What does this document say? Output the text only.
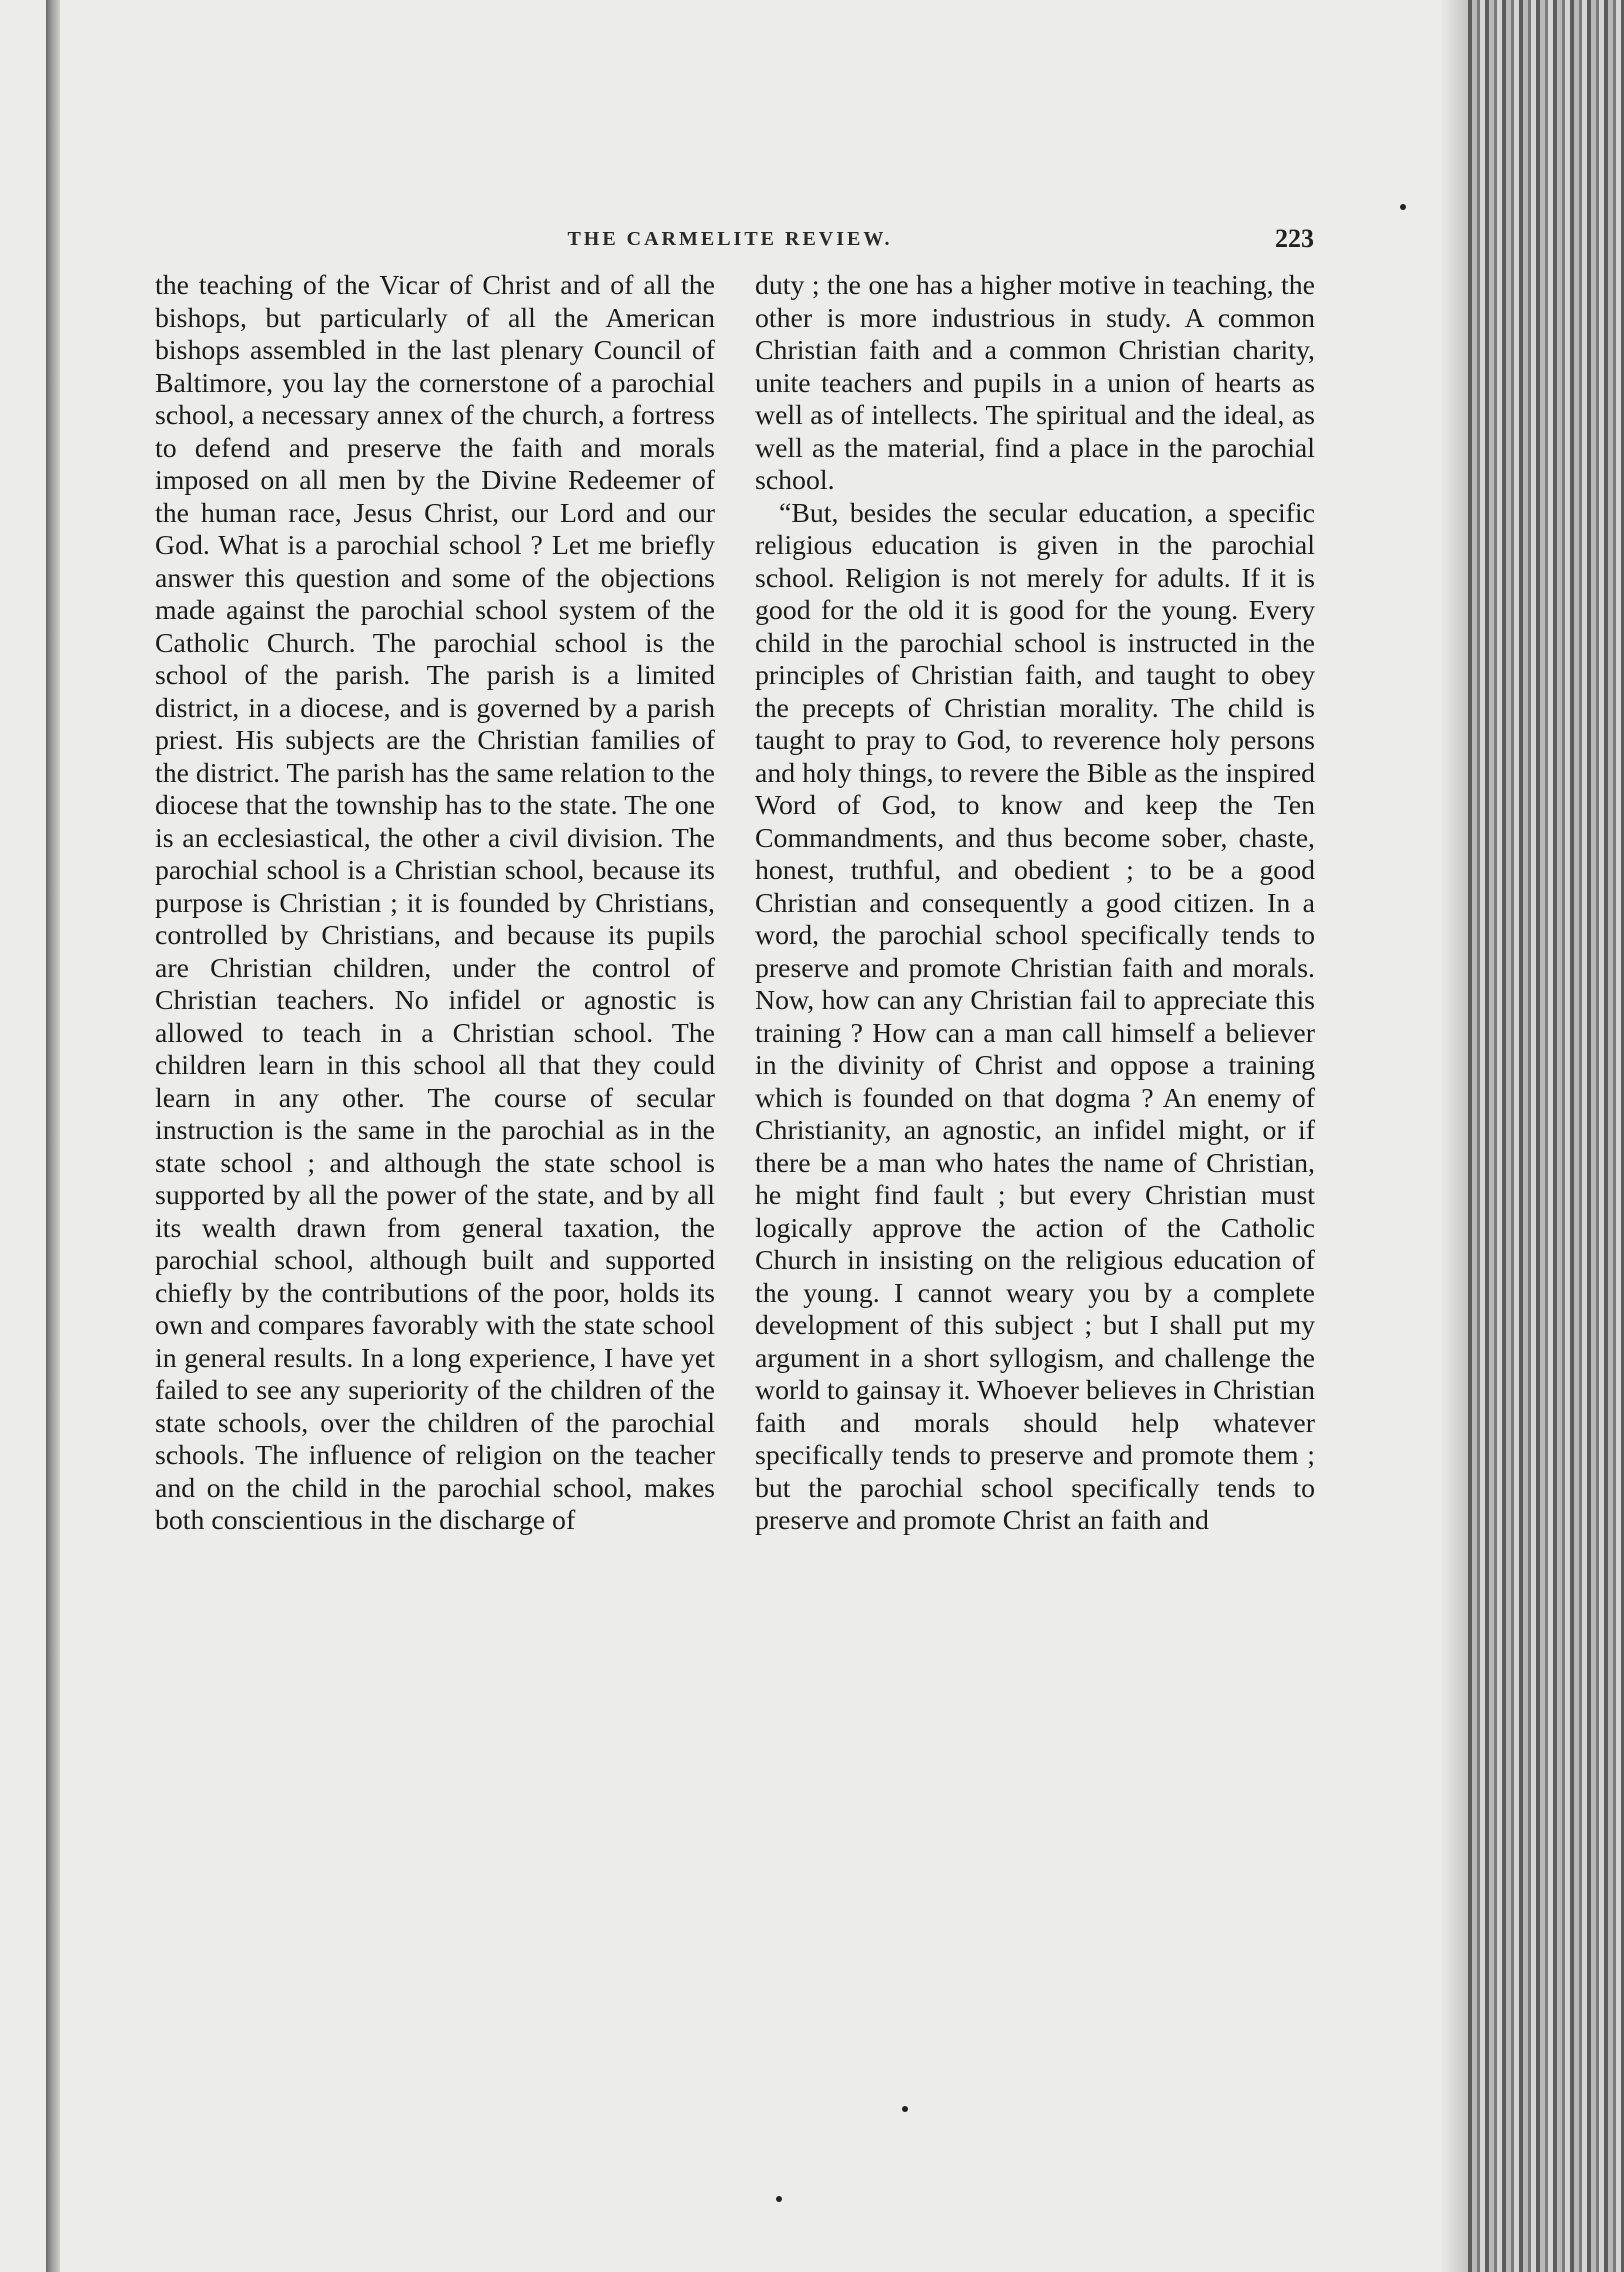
THE CARMELITE REVIEW.	223

the teaching of the Vicar of Christ and of all the bishops, but particularly of all the American bishops assembled in the last plenary Council of Baltimore, you lay the cornerstone of a parochial school, a necessary annex of the church, a fortress to defend and preserve the faith and morals imposed on all men by the Divine Redeemer of the human race, Jesus Christ, our Lord and our God. What is a parochial school ? Let me briefly answer this question and some of the objections made against the parochial school system of the Catholic Church. The parochial school is the school of the parish. The parish is a limited district, in a diocese, and is governed by a parish priest. His subjects are the Christian families of the district. The parish has the same relation to the diocese that the township has to the state. The one is an ecclesiastical, the other a civil division. The parochial school is a Christian school, because its purpose is Christian ; it is founded by Christians, controlled by Christians, and because its pupils are Christian children, under the control of Christian teachers. No infidel or agnostic is allowed to teach in a Christian school. The children learn in this school all that they could learn in any other. The course of secular instruction is the same in the parochial as in the state school ; and although the state school is supported by all the power of the state, and by all its wealth drawn from general taxation, the parochial school, although built and supported chiefly by the contributions of the poor, holds its own and compares favorably with the state school in general results. In a long experience, I have yet failed to see any superiority of the children of the state schools, over the children of the parochial schools. The influence of religion on the teacher and on the child in the parochial school, makes both conscientious in the discharge of

duty ; the one has a higher motive in teaching, the other is more industrious in study. A common Christian faith and a common Christian charity, unite teachers and pupils in a union of hearts as well as of intellects. The spiritual and the ideal, as well as the material, find a place in the parochial school.

“But, besides the secular education, a specific religious education is given in the parochial school. Religion is not merely for adults. If it is good for the old it is good for the young. Every child in the parochial school is instructed in the principles of Christian faith, and taught to obey the precepts of Christian morality. The child is taught to pray to God, to reverence holy persons and holy things, to revere the Bible as the inspired Word of God, to know and keep the Ten Commandments, and thus become sober, chaste, honest, truthful, and obedient ; to be a good Christian and consequently a good citizen. In a word, the parochial school specifically tends to preserve and promote Christian faith and morals. Now, how can any Christian fail to appreciate this training ? How can a man call himself a believer in the divinity of Christ and oppose a training which is founded on that dogma ? An enemy of Christianity, an agnostic, an infidel might, or if there be a man who hates the name of Christian, he might find fault ; but every Christian must logically approve the action of the Catholic Church in insisting on the religious education of the young. I cannot weary you by a complete development of this subject ; but I shall put my argument in a short syllogism, and challenge the world to gainsay it. Whoever believes in Christian faith and morals should help whatever specifically tends to preserve and promote them ; but the parochial school specifically tends to preserve and promote Christ an faith and
